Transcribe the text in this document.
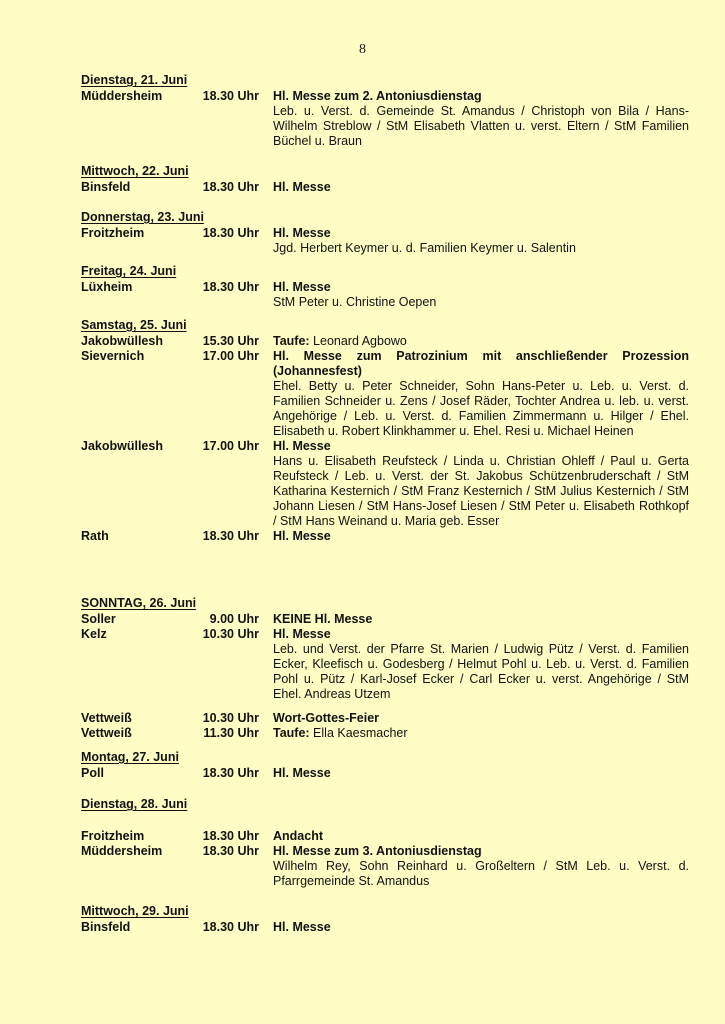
8
Dienstag, 21. Juni
Müddersheim	18.30 Uhr Hl. Messe zum 2. Antoniusdienstag
Leb. u. Verst. d. Gemeinde St. Amandus / Christoph von Bila / Hans-Wilhelm Streblow / StM Elisabeth Vlatten u. verst. Eltern / StM Familien Büchel u. Braun
Mittwoch, 22. Juni
Binsfeld	18.30 Uhr Hl. Messe
Donnerstag, 23. Juni
Froitzheim	18.30 Uhr Hl. Messe
Jgd. Herbert Keymer u. d. Familien Keymer u. Salentin
Freitag, 24. Juni
Lüxheim	18.30 Uhr Hl. Messe
StM Peter u. Christine Oepen
Samstag, 25. Juni
Jakobwüllesh	15.30 Uhr Taufe: Leonard Agbowo
Sievernich	17.00 Uhr Hl. Messe zum Patrozinium mit anschließender Prozession (Johannesfest)
Ehel. Betty u. Peter Schneider, Sohn Hans-Peter u. Leb. u. Verst. d. Familien Schneider u. Zens / Josef Räder, Tochter Andrea u. leb. u. verst. Angehörige / Leb. u. Verst. d. Familien Zimmermann u. Hilger / Ehel. Elisabeth u. Robert Klinkhammer u. Ehel. Resi u. Michael Heinen
Jakobwüllesh	17.00 Uhr Hl. Messe
Hans u. Elisabeth Reufsteck / Linda u. Christian Ohleff / Paul u. Gerta Reufsteck / Leb. u. Verst. der St. Jakobus Schützenbruderschaft / StM Katharina Kesternich / StM Franz Kesternich / StM Julius Kesternich / StM Johann Liesen / StM Hans-Josef Liesen / StM Peter u. Elisabeth Rothkopf / StM Hans Weinand u. Maria geb. Esser
Rath	18.30 Uhr Hl. Messe
SONNTAG, 26. Juni
Soller	9.00 Uhr KEINE Hl. Messe
Kelz	10.30 Uhr Hl. Messe
Leb. und Verst. der Pfarre St. Marien / Ludwig Pütz / Verst. d. Familien Ecker, Kleefisch u. Godesberg / Helmut Pohl u. Leb. u. Verst. d. Familien Pohl u. Pütz / Karl-Josef Ecker / Carl Ecker u. verst. Angehörige / StM Ehel. Andreas Utzem
Vettweiß	10.30 Uhr Wort-Gottes-Feier
Vettweiß	11.30 Uhr Taufe: Ella Kaesmacher
Montag, 27. Juni
Poll	18.30 Uhr Hl. Messe
Dienstag, 28. Juni
Froitzheim	18.30 Uhr Andacht
Müddersheim	18.30 Uhr Hl. Messe zum 3. Antoniusdienstag
Wilhelm Rey, Sohn Reinhard u. Großeltern / StM Leb. u. Verst. d. Pfarrgemeinde St. Amandus
Mittwoch, 29. Juni
Binsfeld	18.30 Uhr Hl. Messe
